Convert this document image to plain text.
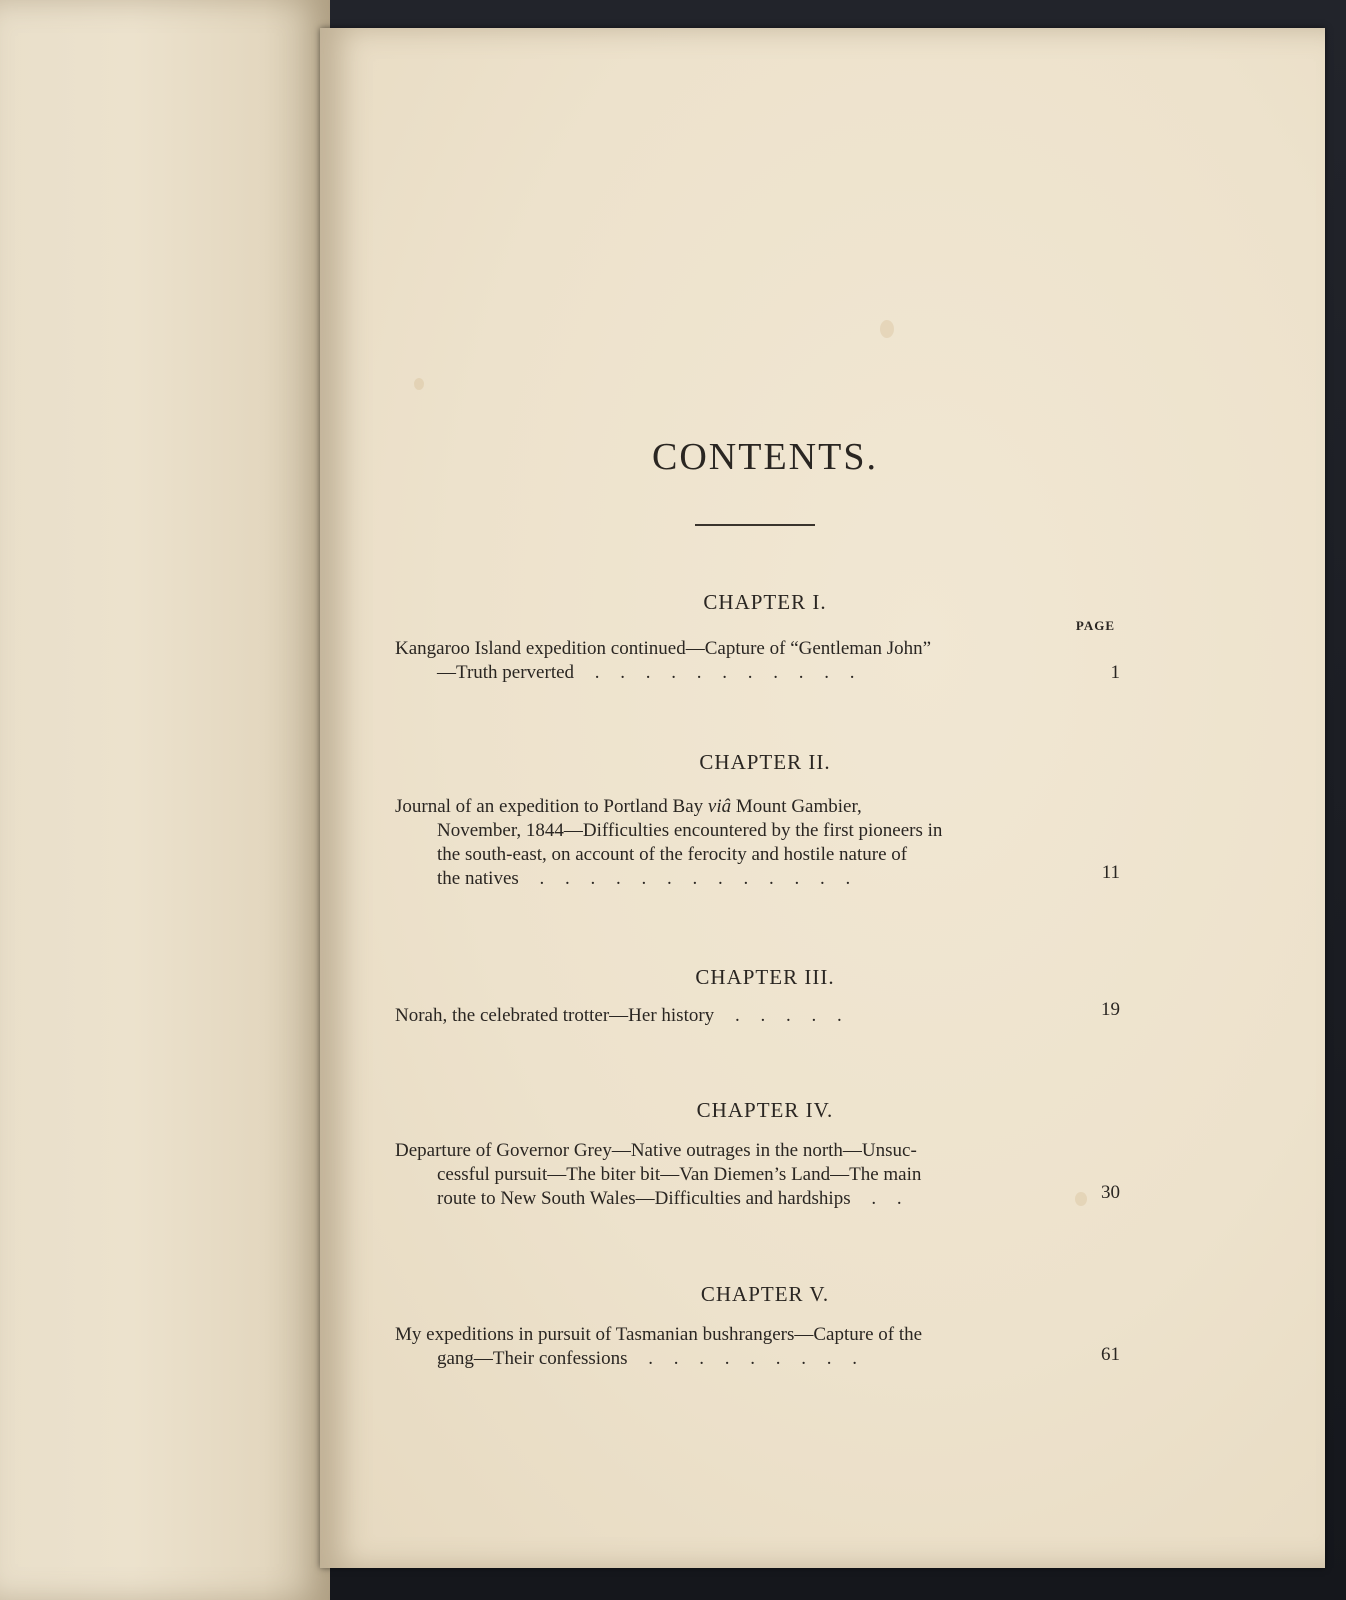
CONTENTS.
CHAPTER I.
PAGE
Kangaroo Island expedition continued—Capture of “Gentleman John”
—Truth perverted . . . . . . . . . . .	1
CHAPTER II.
Journal of an expedition to Portland Bay viâ Mount Gambier,
November, 1844—Difficulties encountered by the first pioneers in
the south-east, on account of the ferocity and hostile nature of
the natives . . . . . . . . . . . . .	11
CHAPTER III.
Norah, the celebrated trotter—Her history . . . . .	19
CHAPTER IV.
Departure of Governor Grey—Native outrages in the north—Unsuc-
cessful pursuit—The biter bit—Van Diemen’s Land—The main
route to New South Wales—Difficulties and hardships . .	30
CHAPTER V.
My expeditions in pursuit of Tasmanian bushrangers—Capture of the
gang—Their confessions . . . . . . . . .	61
